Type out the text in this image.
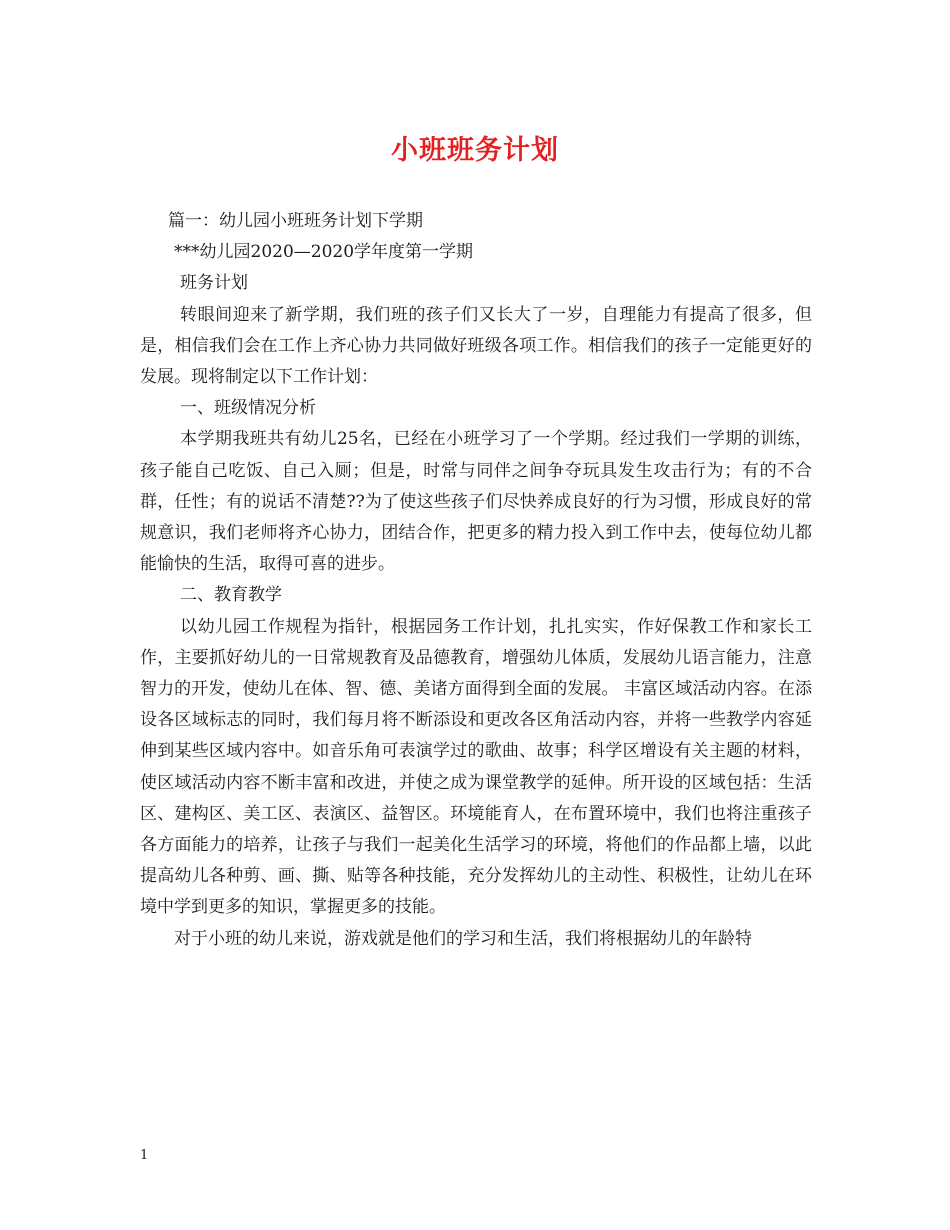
小班班务计划

篇一：幼儿园小班班务计划下学期

***幼儿园2020—2020学年度第一学期

班务计划

转眼间迎来了新学期，我们班的孩子们又长大了一岁，自理能力有提高了很多，但是，相信我们会在工作上齐心协力共同做好班级各项工作。相信我们的孩子一定能更好的发展。现将制定以下工作计划：

一、班级情况分析

本学期我班共有幼儿25名，已经在小班学习了一个学期。经过我们一学期的训练，孩子能自己吃饭、自己入厕；但是，时常与同伴之间争夺玩具发生攻击行为；有的不合群，任性；有的说话不清楚??为了使这些孩子们尽快养成良好的行为习惯，形成良好的常规意识，我们老师将齐心协力，团结合作，把更多的精力投入到工作中去，使每位幼儿都能愉快的生活，取得可喜的进步。

二、教育教学

以幼儿园工作规程为指针，根据园务工作计划，扎扎实实，作好保教工作和家长工作，主要抓好幼儿的一日常规教育及品德教育，增强幼儿体质，发展幼儿语言能力，注意智力的开发，使幼儿在体、智、德、美诸方面得到全面的发展。 丰富区域活动内容。在添设各区域标志的同时，我们每月将不断添设和更改各区角活动内容，并将一些教学内容延伸到某些区域内容中。如音乐角可表演学过的歌曲、故事；科学区增设有关主题的材料，使区域活动内容不断丰富和改进，并使之成为课堂教学的延伸。所开设的区域包括：生活区、建构区、美工区、表演区、益智区。环境能育人，在布置环境中，我们也将注重孩子各方面能力的培养，让孩子与我们一起美化生活学习的环境，将他们的作品都上墙，以此提高幼儿各种剪、画、撕、贴等各种技能，充分发挥幼儿的主动性、积极性，让幼儿在环境中学到更多的知识，掌握更多的技能。

对于小班的幼儿来说，游戏就是他们的学习和生活，我们将根据幼儿的年龄特

1
